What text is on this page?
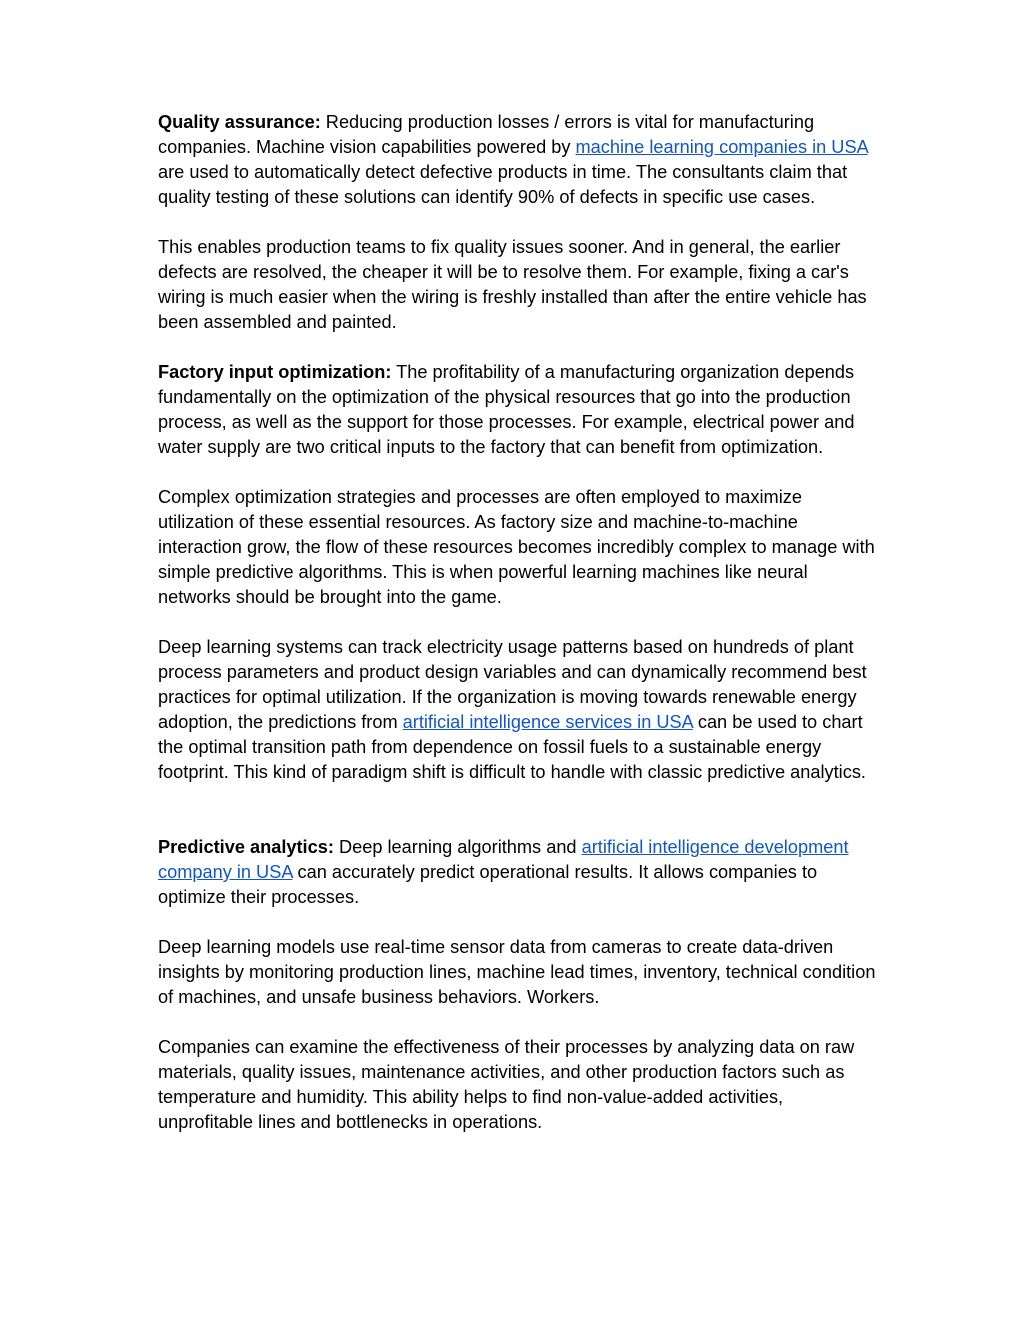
Quality assurance: Reducing production losses / errors is vital for manufacturing companies. Machine vision capabilities powered by machine learning companies in USA are used to automatically detect defective products in time. The consultants claim that quality testing of these solutions can identify 90% of defects in specific use cases.

This enables production teams to fix quality issues sooner. And in general, the earlier defects are resolved, the cheaper it will be to resolve them. For example, fixing a car's wiring is much easier when the wiring is freshly installed than after the entire vehicle has been assembled and painted.

Factory input optimization: The profitability of a manufacturing organization depends fundamentally on the optimization of the physical resources that go into the production process, as well as the support for those processes. For example, electrical power and water supply are two critical inputs to the factory that can benefit from optimization.

Complex optimization strategies and processes are often employed to maximize utilization of these essential resources. As factory size and machine-to-machine interaction grow, the flow of these resources becomes incredibly complex to manage with simple predictive algorithms. This is when powerful learning machines like neural networks should be brought into the game.

Deep learning systems can track electricity usage patterns based on hundreds of plant process parameters and product design variables and can dynamically recommend best practices for optimal utilization. If the organization is moving towards renewable energy adoption, the predictions from artificial intelligence services in USA can be used to chart the optimal transition path from dependence on fossil fuels to a sustainable energy footprint. This kind of paradigm shift is difficult to handle with classic predictive analytics.

Predictive analytics: Deep learning algorithms and artificial intelligence development company in USA can accurately predict operational results. It allows companies to optimize their processes.

Deep learning models use real-time sensor data from cameras to create data-driven insights by monitoring production lines, machine lead times, inventory, technical condition of machines, and unsafe business behaviors. Workers.

Companies can examine the effectiveness of their processes by analyzing data on raw materials, quality issues, maintenance activities, and other production factors such as temperature and humidity. This ability helps to find non-value-added activities, unprofitable lines and bottlenecks in operations.
